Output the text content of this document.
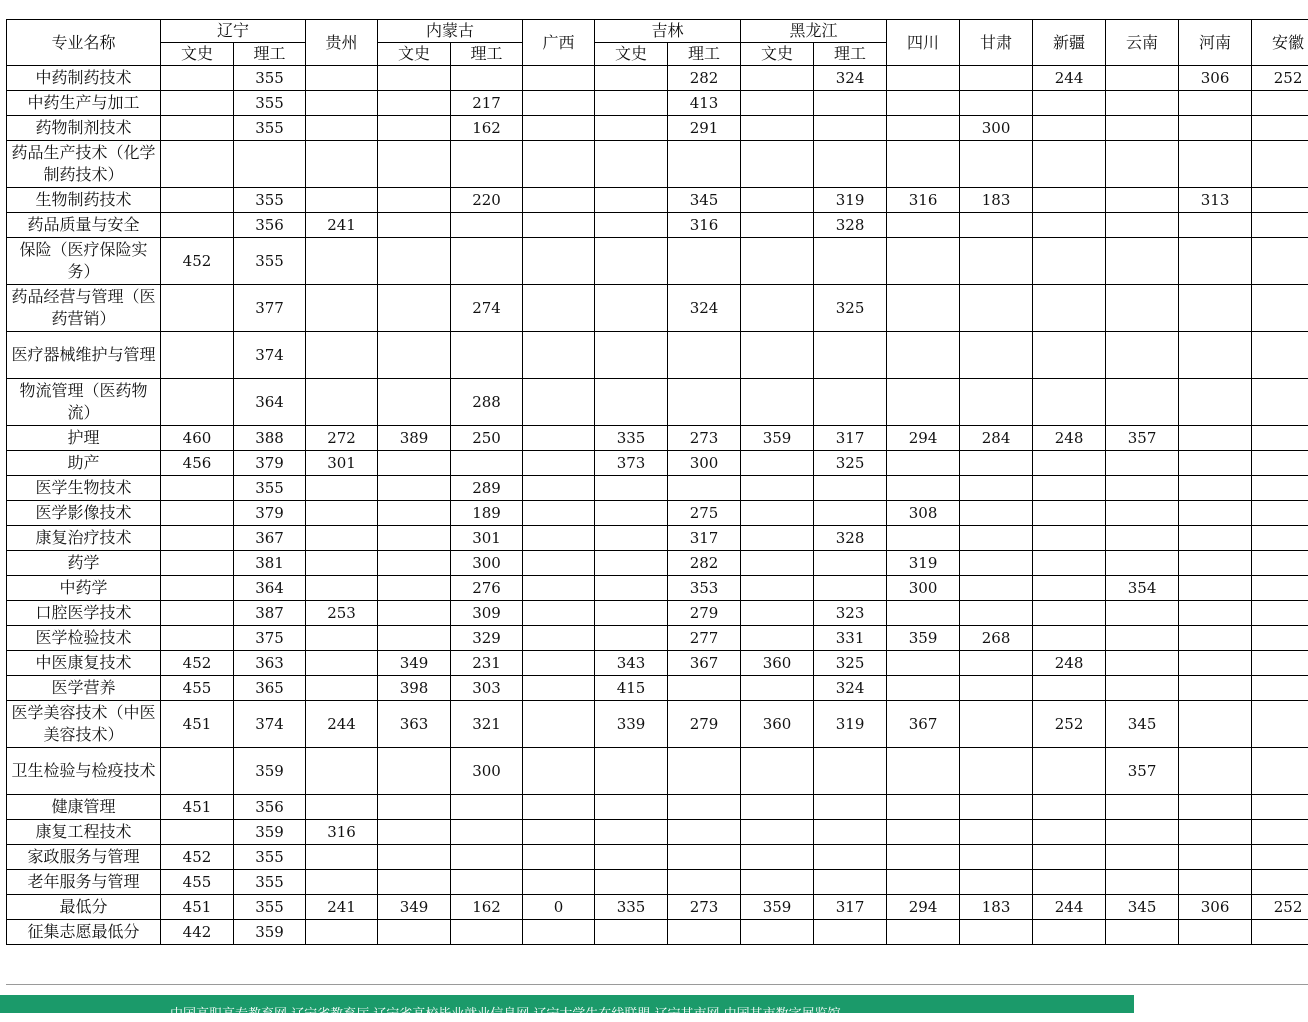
专业名称	辽宁		贵州	内蒙古		广西	吉林		黑龙江		四川	甘肃	新疆	云南	河南	安徽
	文史	理工		文史	理工		文史	理工	文史	理工						
中药制药技术		355						282		324			244		306	252
中药生产与加工		355			217			413								
药物制剂技术		355			162			291				300				
药品生产技术（化学制药技术）																
生物制药技术		355			220			345		319	316	183			313	
药品质量与安全		356	241					316		328						
保险（医疗保险实务）	452	355														
药品经营与管理（医药营销）		377			274			324		325						
医疗器械维护与管理		374														
物流管理（医药物流）		364			288											
护理	460	388	272	389	250		335	273	359	317	294	284	248	357		
助产	456	379	301				373	300		325						
医学生物技术		355			289											
医学影像技术		379			189			275			308					
康复治疗技术		367			301			317		328						
药学		381			300			282			319					
中药学		364			276			353			300			354		
口腔医学技术		387	253		309			279		323						
医学检验技术		375			329			277		331	359	268				
中医康复技术	452	363		349	231		343	367	360	325			248			
医学营养	455	365		398	303		415			324						
医学美容技术（中医美容技术）	451	374	244	363	321		339	279	360	319	367		252	345		
卫生检验与检疫技术		359			300									357		
健康管理	451	356														
康复工程技术		359	316													
家政服务与管理	452	355														
老年服务与管理	455	355														
最低分	451	355	241	349	162	0	335	273	359	317	294	183	244	345	306	252
征集志愿最低分	442	359														
中国高职高专教育网 辽宁省教育厅 辽宁省高校毕业就业信息网 辽宁大学生在线联盟 辽宁其市网 中国其市数字展览馆
